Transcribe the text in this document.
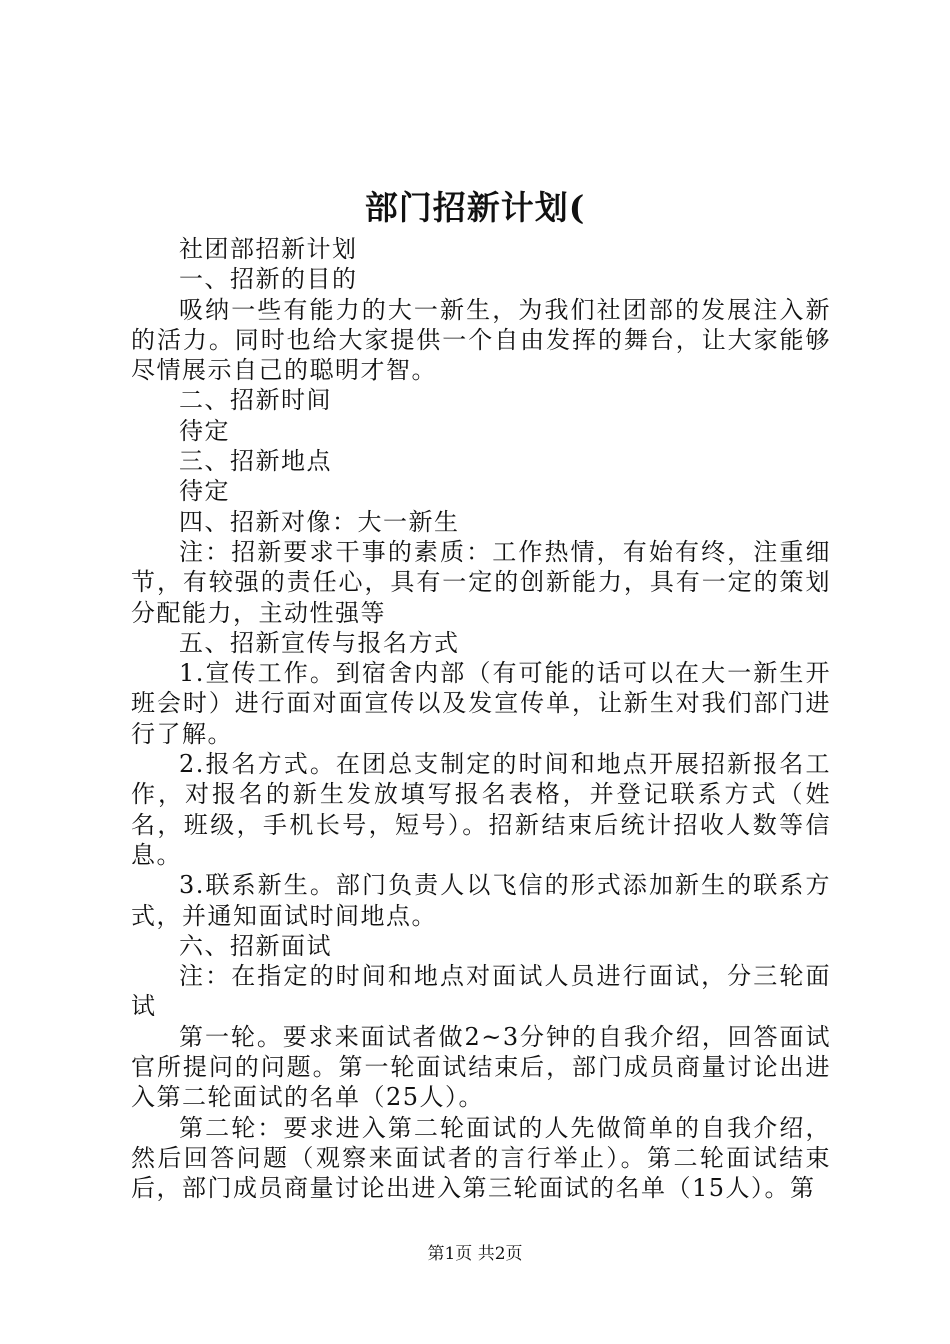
部门招新计划(

社团部招新计划

一、招新的目的

吸纳一些有能力的大一新生，为我们社团部的发展注入新的活力。同时也给大家提供一个自由发挥的舞台，让大家能够尽情展示自己的聪明才智。

二、招新时间

待定

三、招新地点

待定

四、招新对像：大一新生

注：招新要求干事的素质：工作热情，有始有终，注重细节，有较强的责任心，具有一定的创新能力，具有一定的策划分配能力，主动性强等

五、招新宣传与报名方式

1.宣传工作。到宿舍内部（有可能的话可以在大一新生开班会时）进行面对面宣传以及发宣传单，让新生对我们部门进行了解。

2.报名方式。在团总支制定的时间和地点开展招新报名工作，对报名的新生发放填写报名表格，并登记联系方式（姓名，班级，手机长号，短号）。招新结束后统计招收人数等信息。

3.联系新生。部门负责人以飞信的形式添加新生的联系方式，并通知面试时间地点。

六、招新面试

注：在指定的时间和地点对面试人员进行面试，分三轮面试

第一轮。要求来面试者做2~3分钟的自我介绍，回答面试官所提问的问题。第一轮面试结束后，部门成员商量讨论出进入第二轮面试的名单（25人）。

第二轮：要求进入第二轮面试的人先做简单的自我介绍，然后回答问题（观察来面试者的言行举止）。第二轮面试结束后，部门成员商量讨论出进入第三轮面试的名单（15人）。第

第1页 共2页
